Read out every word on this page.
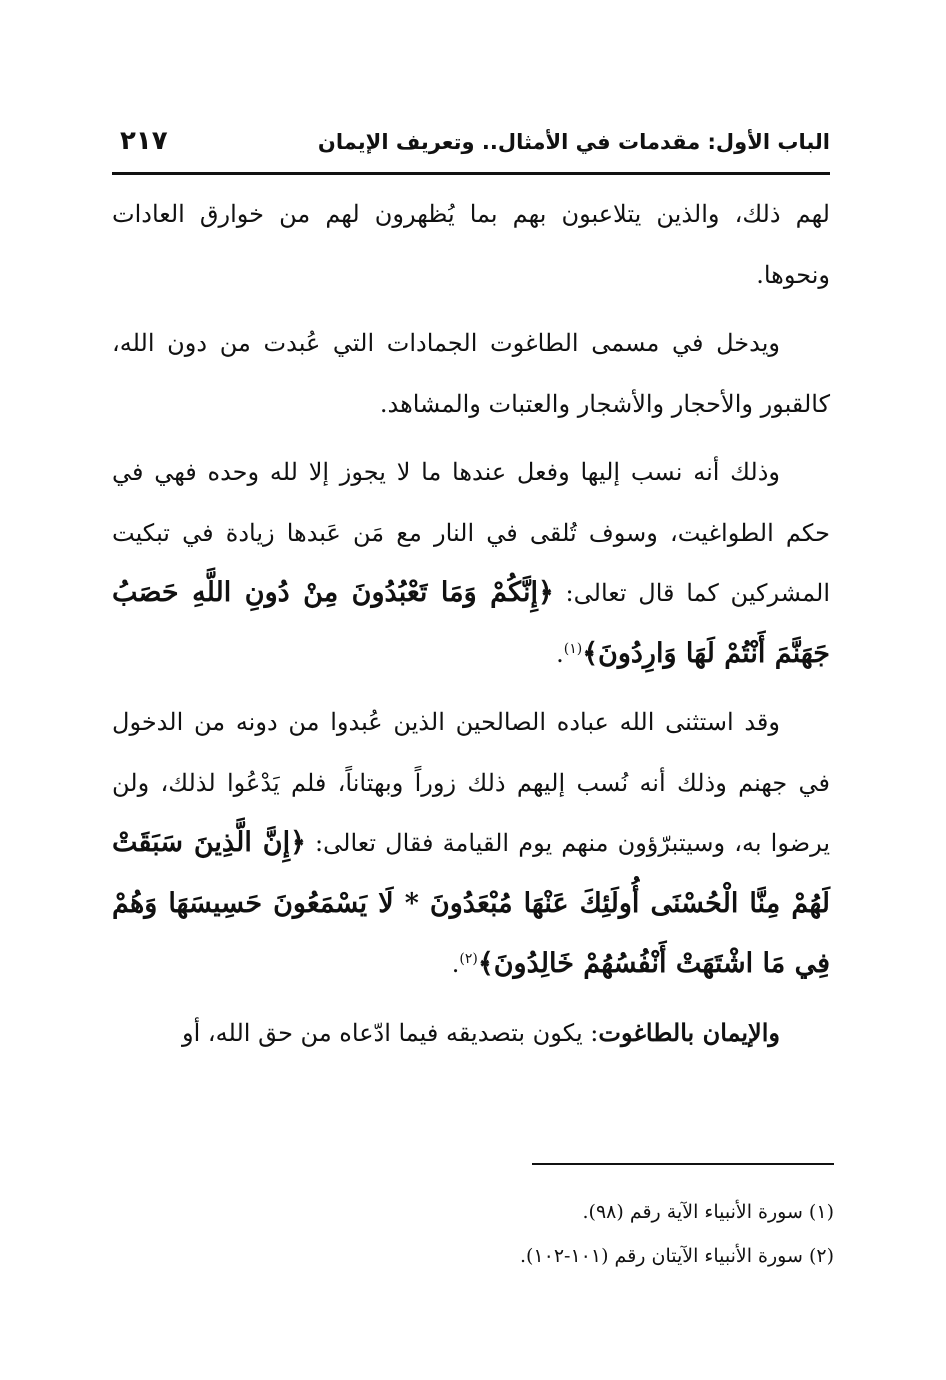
الباب الأول: مقدمات في الأمثال.. وتعريف الإيمان
٢١٧

لهم ذلك، والذين يتلاعبون بهم بما يُظهرون لهم من خوارق العادات ونحوها.

ويدخل في مسمى الطاغوت الجمادات التي عُبدت من دون الله، كالقبور والأحجار والأشجار والعتبات والمشاهد.

وذلك أنه نسب إليها وفعل عندها ما لا يجوز إلا لله وحده فهي في حكم الطواغيت، وسوف تُلقى في النار مع مَن عَبدها زيادة في تبكيت المشركين كما قال تعالى: ﴿إِنَّكُمْ وَمَا تَعْبُدُونَ مِنْ دُونِ اللَّهِ حَصَبُ جَهَنَّمَ أَنْتُمْ لَهَا وَارِدُونَ﴾$^{(١)}$.

وقد استثنى الله عباده الصالحين الذين عُبدوا من دونه من الدخول في جهنم وذلك أنه نُسب إليهم ذلك زوراً وبهتاناً، فلم يَدْعُوا لذلك، ولن يرضوا به، وسيتبرّؤون منهم يوم القيامة فقال تعالى: ﴿إِنَّ الَّذِينَ سَبَقَتْ لَهُمْ مِنَّا الْحُسْنَى أُولَئِكَ عَنْهَا مُبْعَدُونَ * لَا يَسْمَعُونَ حَسِيسَهَا وَهُمْ فِي مَا اشْتَهَتْ أَنْفُسُهُمْ خَالِدُونَ﴾$^{(٢)}$.

والإيمان بالطاغوت: يكون بتصديقه فيما ادّعاه من حق الله، أو

(١) سورة الأنبياء الآية رقم (٩٨).
(٢) سورة الأنبياء الآيتان رقم (١٠١-١٠٢).
